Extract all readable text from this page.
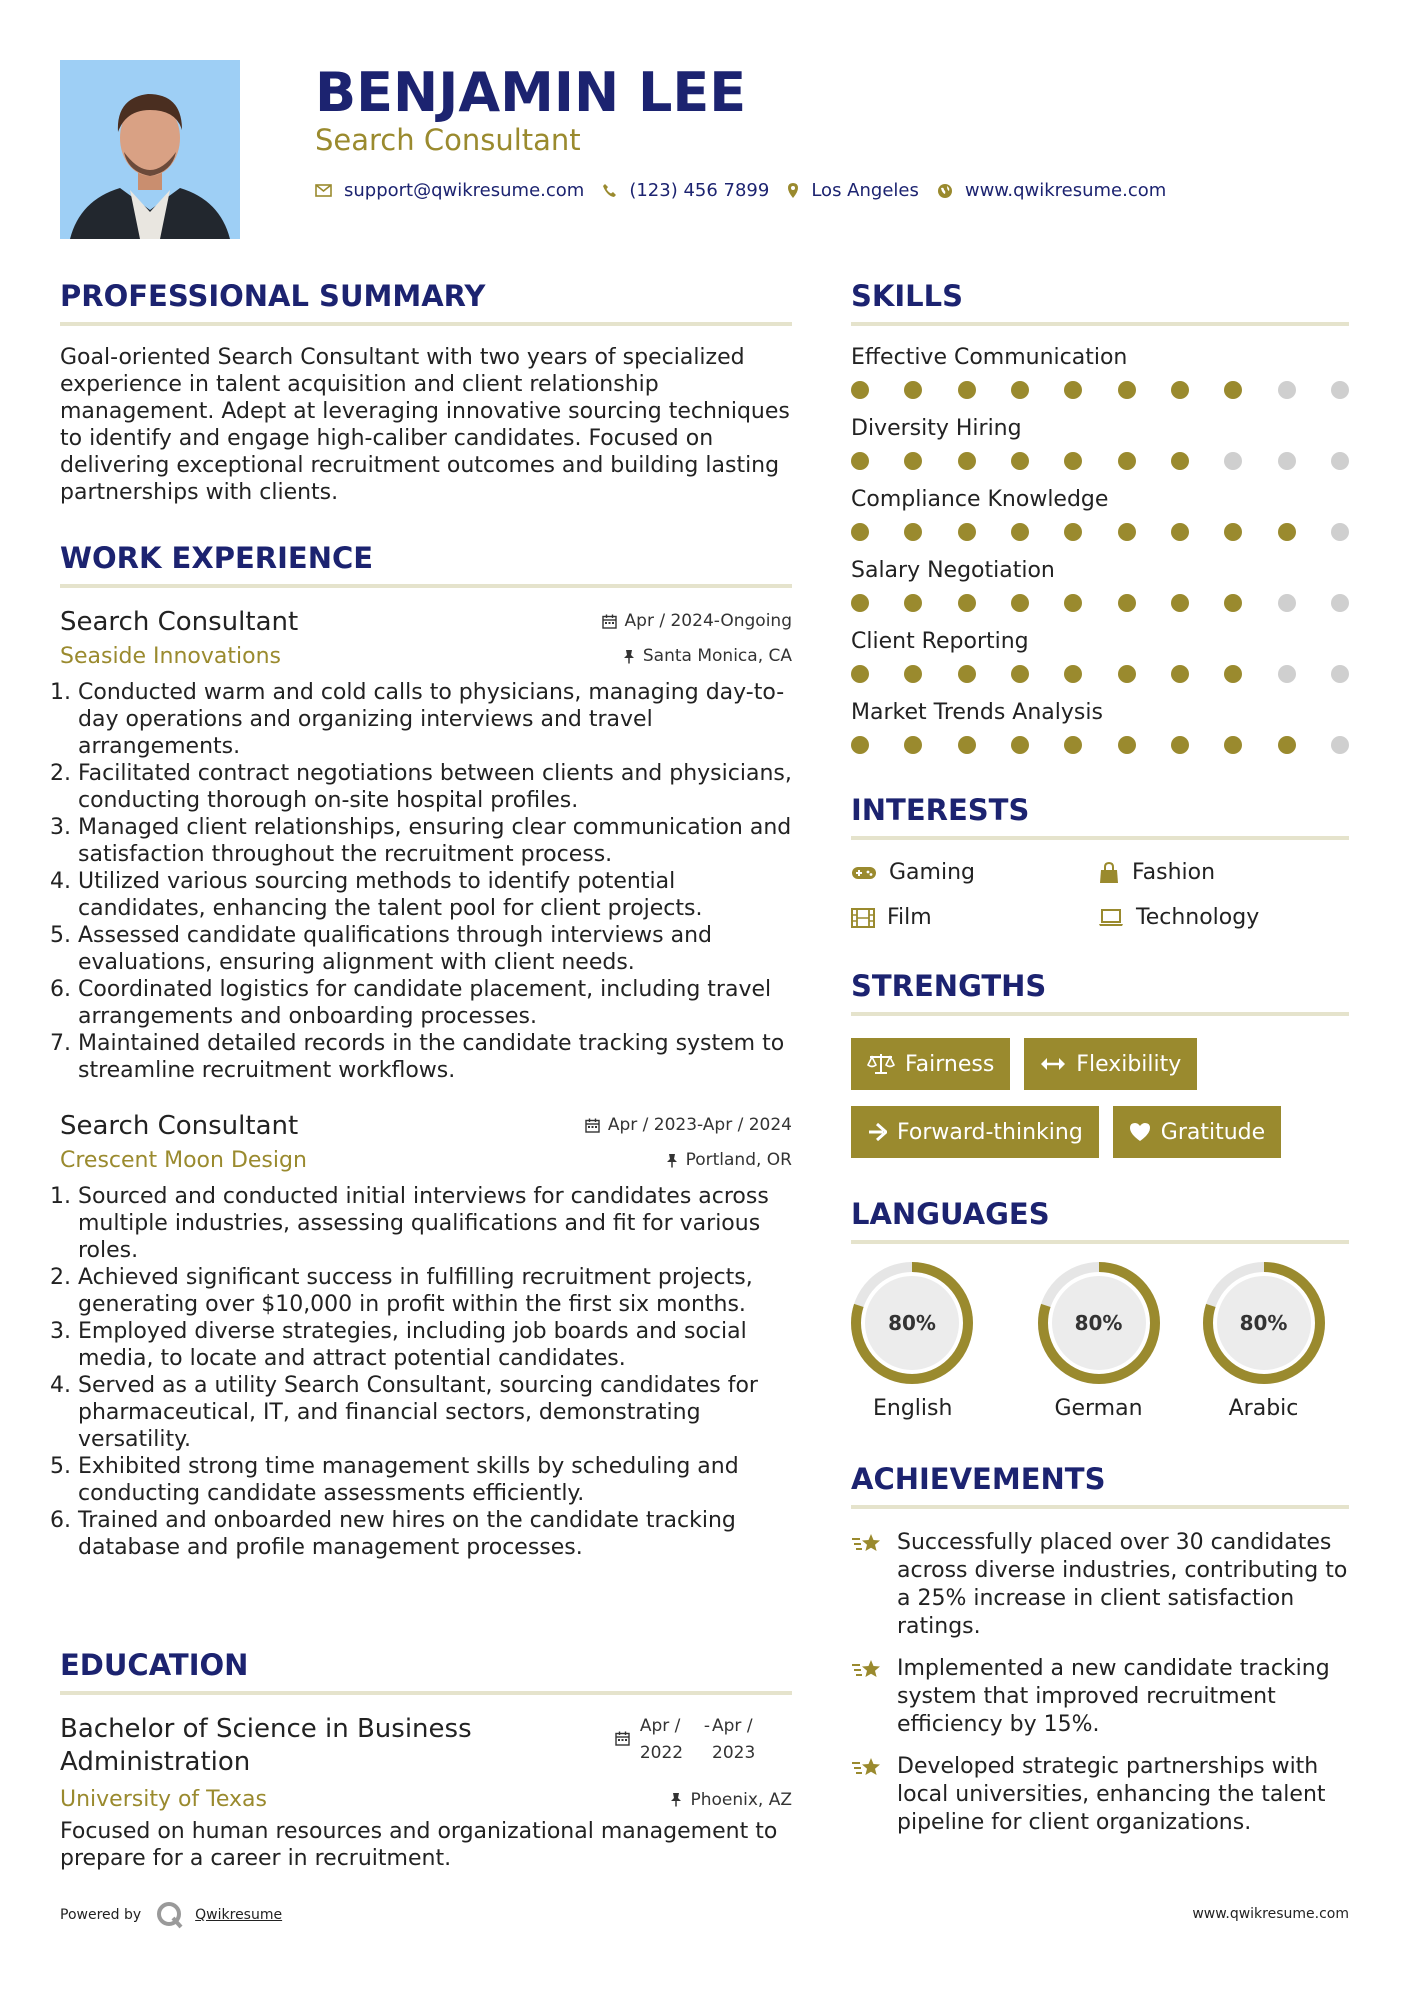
BENJAMIN LEE
Search Consultant
support@qwikresume.com	(123) 456 7899 Los Angeles	www.qwikresume.com
PROFESSIONAL SUMMARY

Goal-oriented Search Consultant with two years of specialized experience in talent acquisition and client relationship management. Adept at leveraging innovative sourcing techniques to identify and engage high-caliber candidates. Focused on delivering exceptional recruitment outcomes and building lasting partnerships with clients.

WORK EXPERIENCE
Search Consultant
Seaside Innovations
Apr / 2024-Ongoing
Santa Monica, CA
1. Conducted warm and cold calls to physicians, managing day-to-day operations and organizing interviews and travel arrangements.
2. Facilitated contract negotiations between clients and physicians, conducting thorough on-site hospital profiles.
3. Managed client relationships, ensuring clear communication and satisfaction throughout the recruitment process.
4. Utilized various sourcing methods to identify potential candidates, enhancing the talent pool for client projects.
5. Assessed candidate qualifications through interviews and evaluations, ensuring alignment with client needs.
6. Coordinated logistics for candidate placement, including travel arrangements and onboarding processes.
7. Maintained detailed records in the candidate tracking system to streamline recruitment workflows.
Search Consultant
Crescent Moon Design
Apr / 2023-Apr / 2024
Portland, OR
1. Sourced and conducted initial interviews for candidates across multiple industries, assessing qualifications and fit for various roles.
2. Achieved significant success in fulfilling recruitment projects, generating over $10,000 in profit within the first six months.
3. Employed diverse strategies, including job boards and social media, to locate and attract potential candidates.
4. Served as a utility Search Consultant, sourcing candidates for pharmaceutical, IT, and financial sectors, demonstrating versatility.
5. Exhibited strong time management skills by scheduling and conducting candidate assessments efficiently.
6. Trained and onboarded new hires on the candidate tracking database and profile management processes.
EDUCATION
Bachelor of Science in Business Administration
Apr / 2022
- Apr / 2023
University of Texas	Phoenix, AZ

Focused on human resources and organizational management to prepare for a career in recruitment.

SKILLS
Effective Communication
Diversity Hiring
Compliance Knowledge
Salary Negotiation
Client Reporting
Market Trends Analysis
INTERESTS
Gaming	Fashion
Film	Technology
STRENGTHS
Fairness	Flexibility
Forward-thinking	Gratitude
LANGUAGES
80%
English
80%
German
80%
Arabic
ACHIEVEMENTS
Successfully placed over 30 candidates across diverse industries, contributing to a 25% increase in client satisfaction ratings.
Implemented a new candidate tracking system that improved recruitment efficiency by 15%.
Developed strategic partnerships with local universities, enhancing the talent pipeline for client organizations.
Powered by	Qwikresume	www.qwikresume.com
